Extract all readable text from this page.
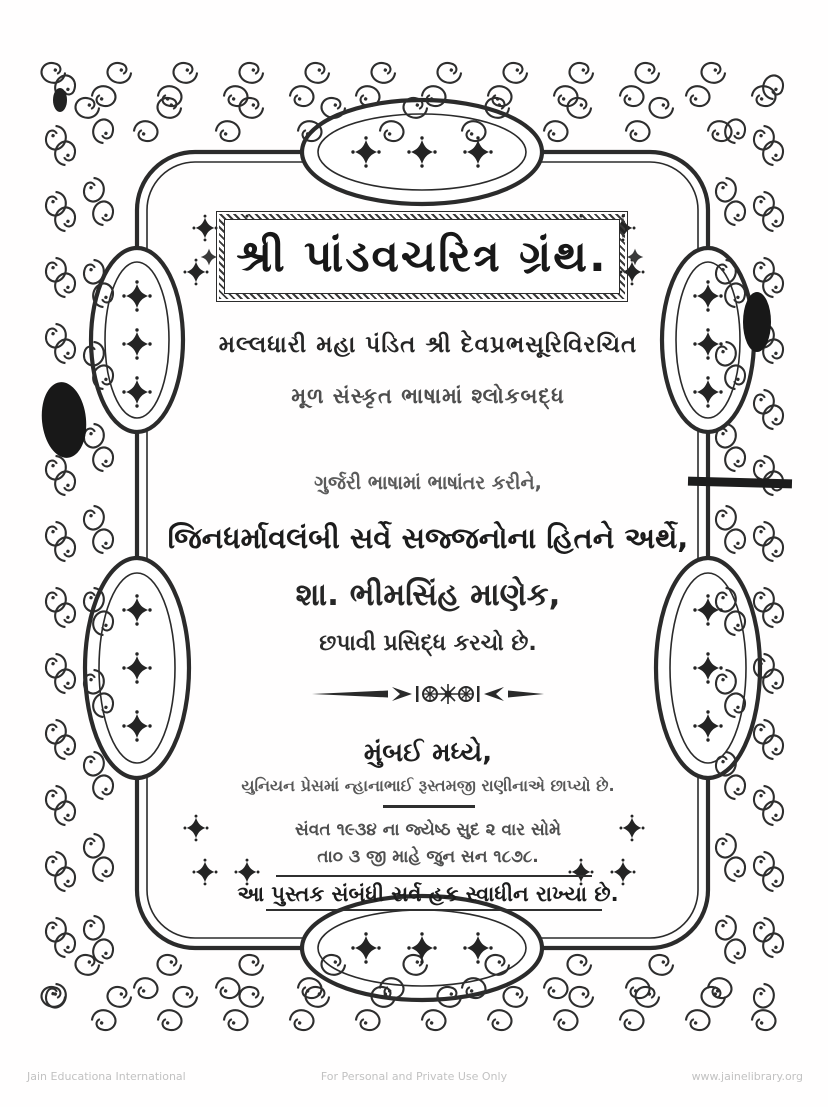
શ્રી પાંડવચરિત્ર ગ્રંથ.
મલ્લધારી મહા પંડિત શ્રી દેવપ્રભસૂરિવિરચિત
મૂળ સંસ્કૃત ભાષામાં શ્લોકબદ્ધ
ગુર્જરી ભાષામાં ભાષાંતર કરીને,
જિનધર્માવલંબી સર્વે સજ્જનોના હિતને અર્થે,
શા. ભીમસિંહ માણેક,
છપાવી પ્રસિદ્ધ કરચો છે.
મુંબઈ મધ્યે,
યુનિયન પ્રેસમાં ન્હાનાભાઈ રૂસ્તમજી રાણીનાએ છાપ્યો છે.
સંવત ૧૯૩૪ ના જ્યેષ્ઠ સુદ ૨ વાર સોમે
તા૦ ૩ જી માહે જુન સન ૧૮૭૮.
આ પુસ્તક સંબંધી સર્વ હક સ્વાધીન રાખ્યા છે.
Jain Educationa International	For Personal and Private Use Only	www.jainelibrary.org
